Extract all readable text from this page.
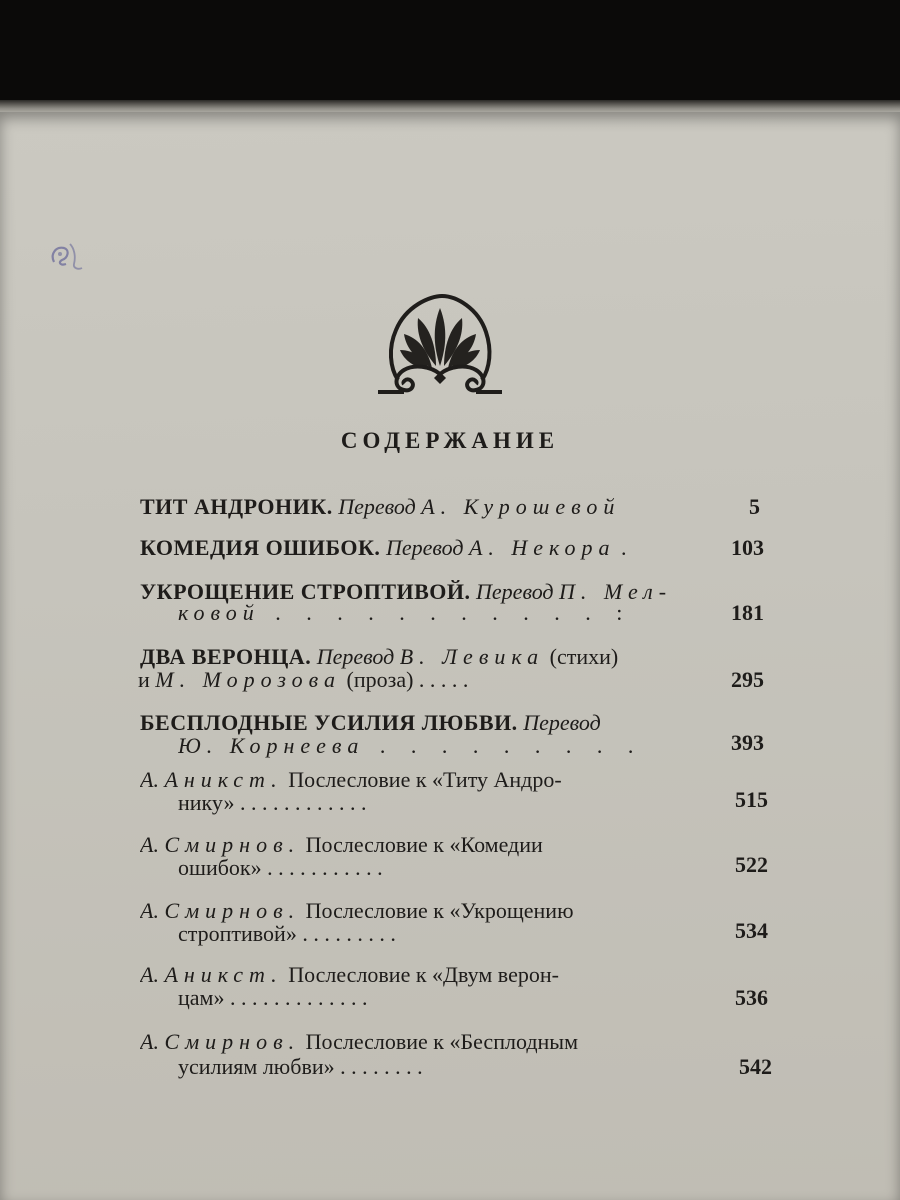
СОДЕРЖАНИЕ
ТИТ АНДРОНИК. Перевод А. Курошевой	5
КОМЕДИЯ ОШИБОК. Перевод А. Некора .	103
УКРОЩЕНИЕ СТРОПТИВОЙ. Перевод П. Мел-
ковой . . . . . . . . . . . :	181
ДВА ВЕРОНЦА. Перевод В. Левика (стихи)
и М. Морозова (проза) . . . . .	295
БЕСПЛОДНЫЕ УСИЛИЯ ЛЮБВИ. Перевод
Ю. Корнеева . . . . . . . . .	393
А. Аникст. Послесловие к «Титу Андро-
нику» . . . . . . . . . . . .	515
А. Смирнов. Послесловие к «Комедии
ошибок» . . . . . . . . . . .	522
А. Смирнов. Послесловие к «Укрощению
строптивой» . . . . . . . . .	534
А. Аникст. Послесловие к «Двум верон-
цам» . . . . . . . . . . . . .	536
А. Смирнов. Послесловие к «Бесплодным
усилиям любви» . . . . . . . .	542
